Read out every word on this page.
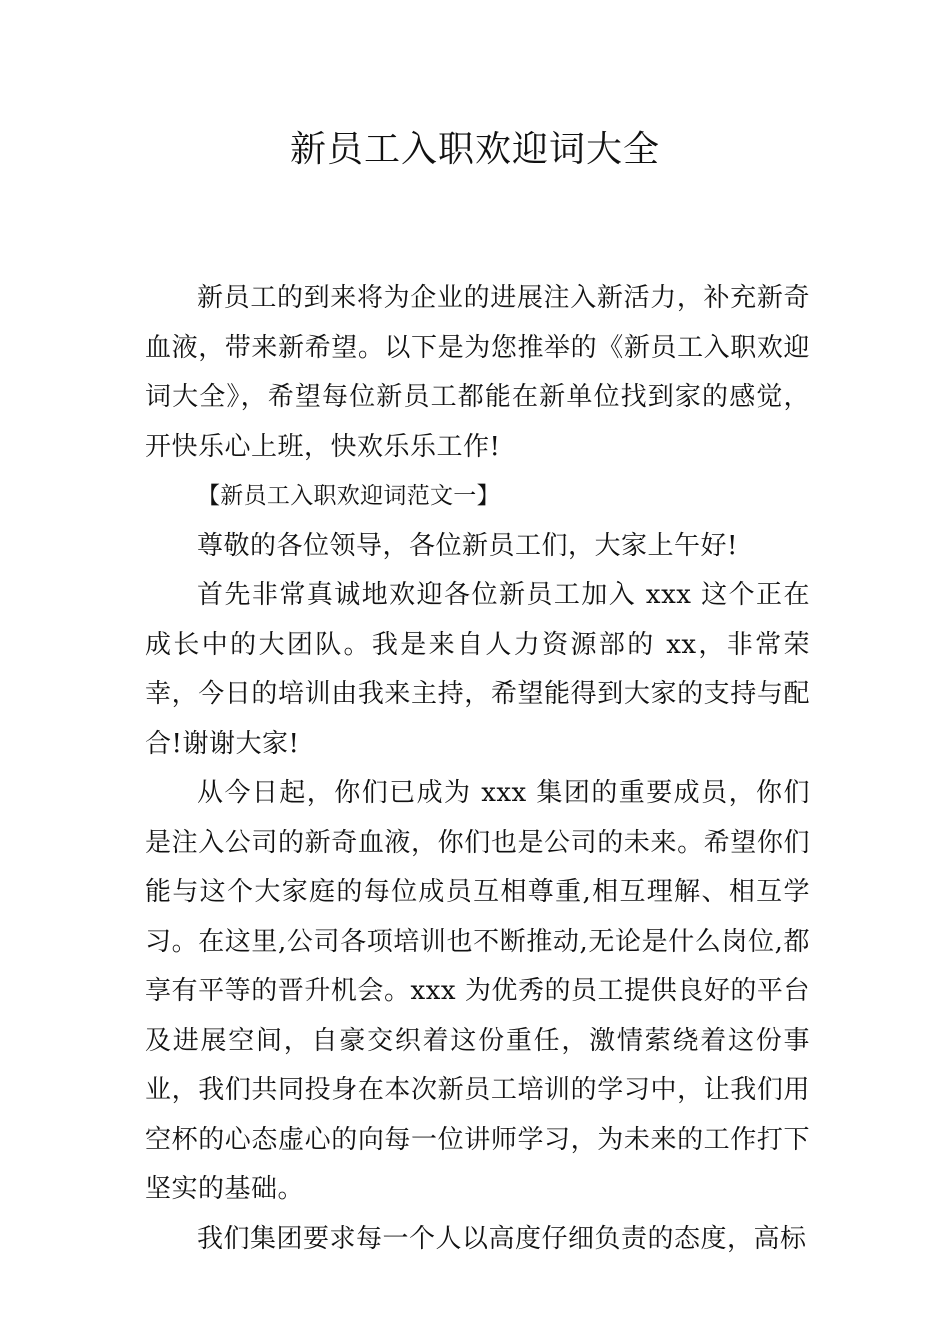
新员工入职欢迎词大全

新员工的到来将为企业的进展注入新活力，补充新奇血液，带来新希望。以下是为您推举的《新员工入职欢迎词大全》，希望每位新员工都能在新单位找到家的感觉，开快乐心上班，快欢乐乐工作!

【新员工入职欢迎词范文一】

尊敬的各位领导，各位新员工们，大家上午好!

首先非常真诚地欢迎各位新员工加入 xxx 这个正在成长中的大团队。我是来自人力资源部的 xx，非常荣幸，今日的培训由我来主持，希望能得到大家的支持与配合!谢谢大家!

从今日起，你们已成为 xxx 集团的重要成员，你们是注入公司的新奇血液，你们也是公司的未来。希望你们能与这个大家庭的每位成员互相尊重,相互理解、相互学习。在这里,公司各项培训也不断推动,无论是什么岗位,都享有平等的晋升机会。xxx 为优秀的员工提供良好的平台及进展空间，自豪交织着这份重任，激情萦绕着这份事业，我们共同投身在本次新员工培训的学习中，让我们用空杯的心态虚心的向每一位讲师学习，为未来的工作打下坚实的基础。

我们集团要求每一个人以高度仔细负责的态度，高标
